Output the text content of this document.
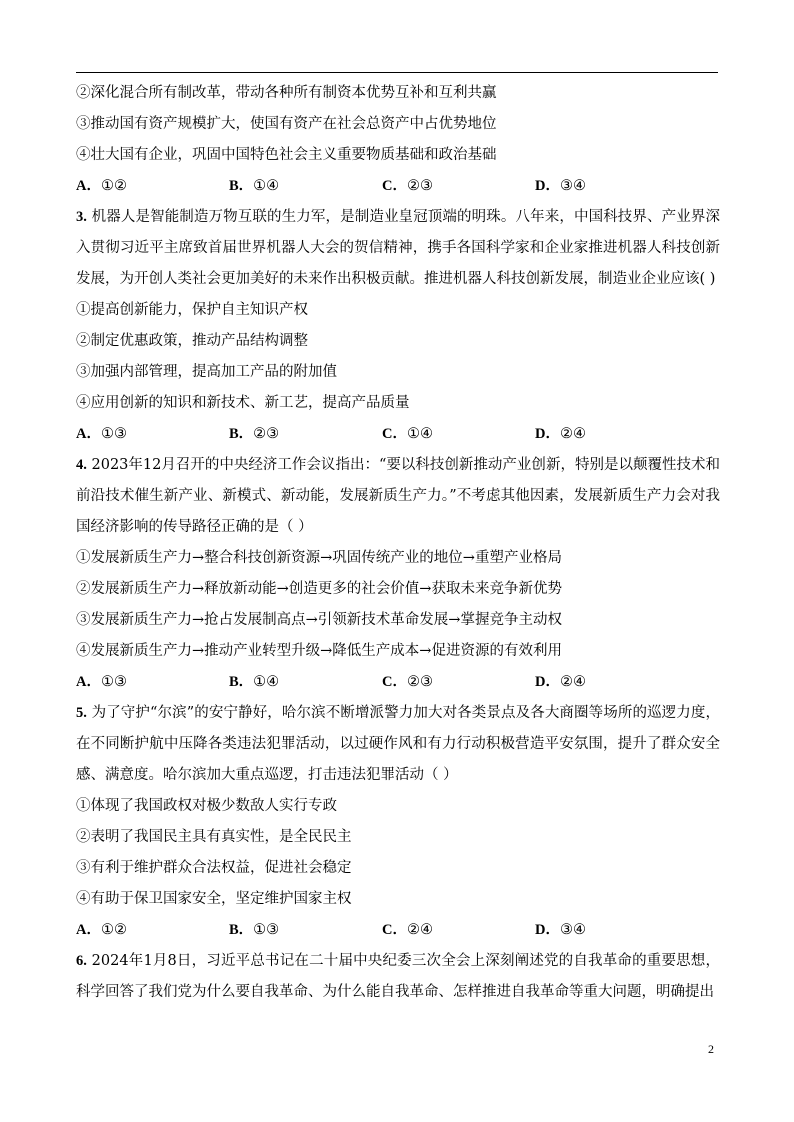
②深化混合所有制改革，带动各种所有制资本优势互补和互利共赢
③推动国有资产规模扩大，使国有资产在社会总资产中占优势地位
④壮大国有企业，巩固中国特色社会主义重要物质基础和政治基础
A．①②	B．①④	C．②③	D．③④
3. 机器人是智能制造万物互联的生力军，是制造业皇冠顶端的明珠。八年来，中国科技界、产业界深入贯彻习近平主席致首届世界机器人大会的贺信精神，携手各国科学家和企业家推进机器人科技创新发展，为开创人类社会更加美好的未来作出积极贡献。推进机器人科技创新发展，制造业企业应该( )
①提高创新能力，保护自主知识产权
②制定优惠政策，推动产品结构调整
③加强内部管理，提高加工产品的附加值
④应用创新的知识和新技术、新工艺，提高产品质量
A．①③	B．②③	C．①④	D．②④
4. 2023年12月召开的中央经济工作会议指出：“要以科技创新推动产业创新，特别是以颠覆性技术和前沿技术催生新产业、新模式、新动能，发展新质生产力。”不考虑其他因素，发展新质生产力会对我国经济影响的传导路径正确的是（ ）
①发展新质生产力→整合科技创新资源→巩固传统产业的地位→重塑产业格局
②发展新质生产力→释放新动能→创造更多的社会价值→获取未来竞争新优势
③发展新质生产力→抢占发展制高点→引领新技术革命发展→掌握竞争主动权
④发展新质生产力→推动产业转型升级→降低生产成本→促进资源的有效利用
A．①③	B．①④	C．②③	D．②④
5. 为了守护“尔滨”的安宁静好，哈尔滨不断增派警力加大对各类景点及各大商圈等场所的巡逻力度，在不同断护航中压降各类违法犯罪活动，以过硬作风和有力行动积极营造平安氛围，提升了群众安全感、满意度。哈尔滨加大重点巡逻，打击违法犯罪活动（ ）
①体现了我国政权对极少数敌人实行专政
②表明了我国民主具有真实性，是全民民主
③有利于维护群众合法权益，促进社会稳定
④有助于保卫国家安全，坚定维护国家主权
A．①②	B．①③	C．②④	D．③④
6. 2024年1月8日，习近平总书记在二十届中央纪委三次全会上深刻阐述党的自我革命的重要思想，科学回答了我们党为什么要自我革命、为什么能自我革命、怎样推进自我革命等重大问题，明确提出
2
